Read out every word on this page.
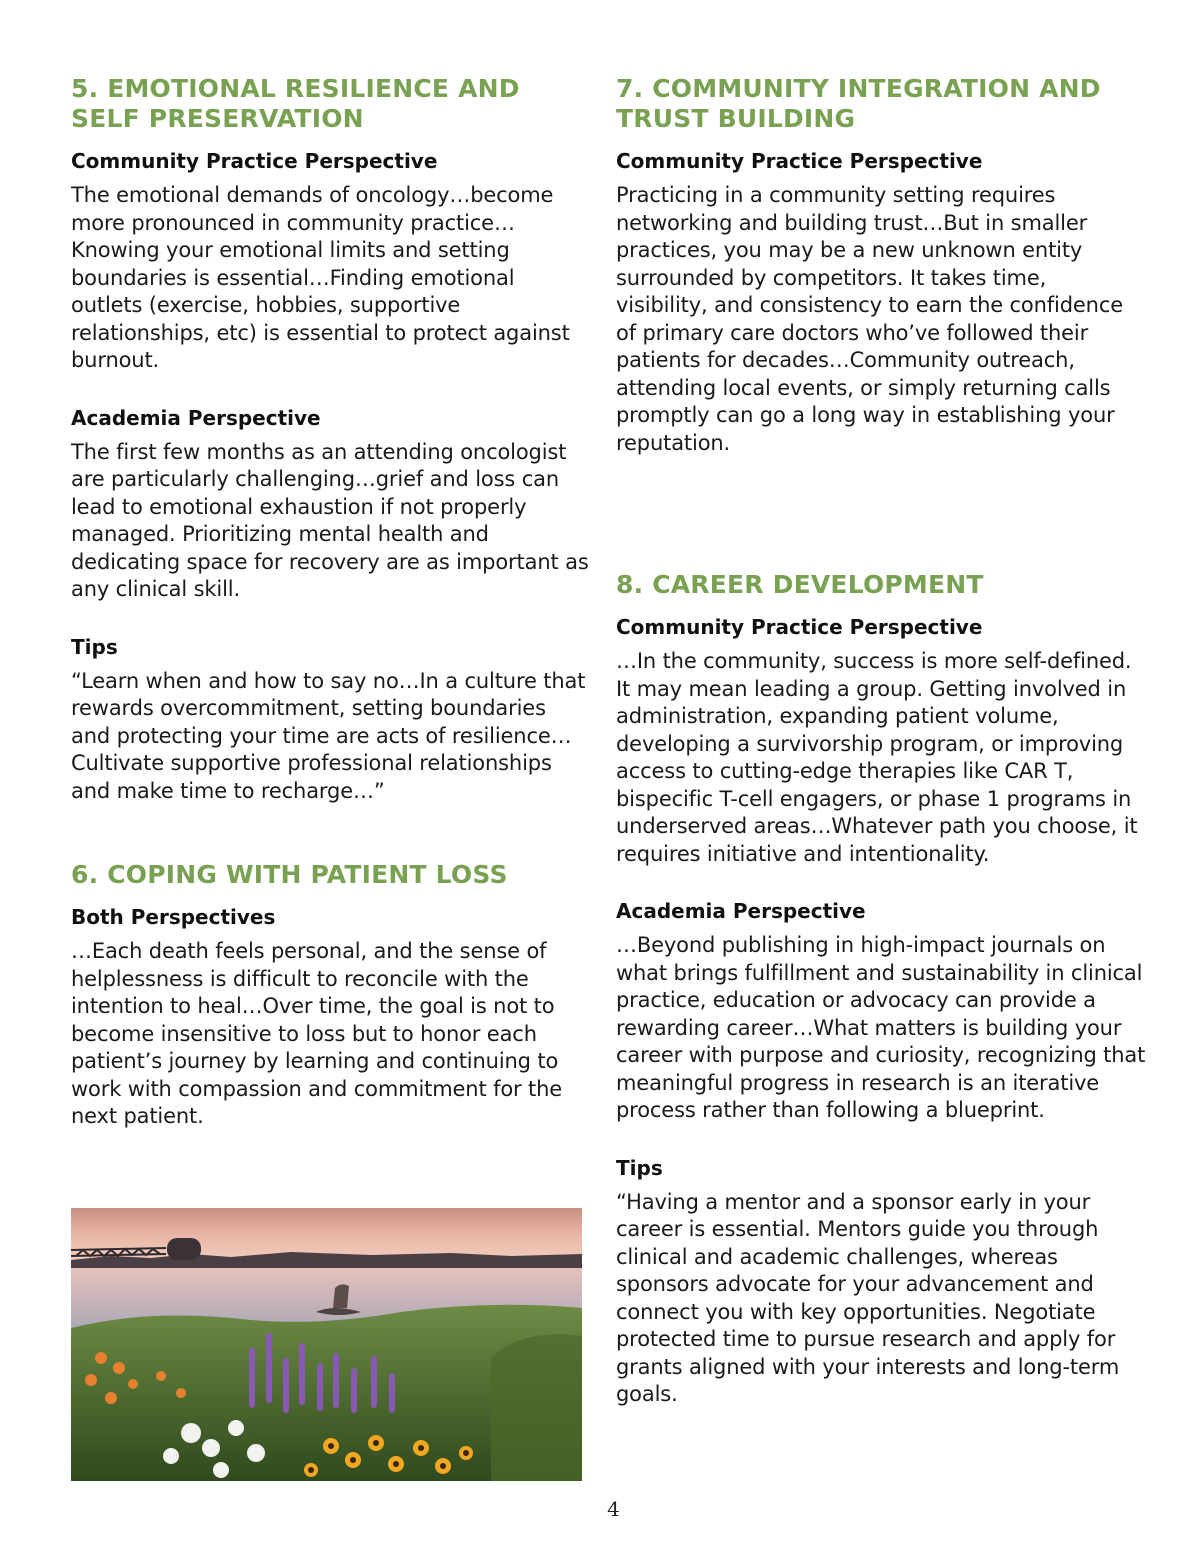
5. EMOTIONAL RESILIENCE AND SELF PRESERVATION
Community Practice Perspective

The emotional demands of oncology…become more pronounced in community practice…Knowing your emotional limits and setting boundaries is essential…Finding emotional outlets (exercise, hobbies, supportive relationships, etc) is essential to protect against burnout.

Academia Perspective

The first few months as an attending oncologist are particularly challenging…grief and loss can lead to emotional exhaustion if not properly managed. Prioritizing mental health and dedicating space for recovery are as important as any clinical skill.

Tips

“Learn when and how to say no…In a culture that rewards overcommitment, setting boundaries and protecting your time are acts of resilience…Cultivate supportive professional relationships and make time to recharge…”

6. COPING WITH PATIENT LOSS
Both Perspectives

…Each death feels personal, and the sense of helplessness is difficult to reconcile with the intention to heal…Over time, the goal is not to become insensitive to loss but to honor each patient’s journey by learning and continuing to work with compassion and commitment for the next patient.

7. COMMUNITY INTEGRATION AND TRUST BUILDING
Community Practice Perspective

Practicing in a community setting requires networking and building trust…But in smaller practices, you may be a new unknown entity surrounded by competitors. It takes time, visibility, and consistency to earn the confidence of primary care doctors who’ve followed their patients for decades…Community outreach, attending local events, or simply returning calls promptly can go a long way in establishing your reputation.

8. CAREER DEVELOPMENT
Community Practice Perspective

…In the community, success is more self-defined. It may mean leading a group. Getting involved in administration, expanding patient volume, developing a survivorship program, or improving access to cutting-edge therapies like CAR T, bispecific T-cell engagers, or phase 1 programs in underserved areas…Whatever path you choose, it requires initiative and intentionality.

Academia Perspective

…Beyond publishing in high-impact journals on what brings fulfillment and sustainability in clinical practice, education or advocacy can provide a rewarding career…What matters is building your career with purpose and curiosity, recognizing that meaningful progress in research is an iterative process rather than following a blueprint.

Tips

“Having a mentor and a sponsor early in your career is essential. Mentors guide you through clinical and academic challenges, whereas sponsors advocate for your advancement and connect you with key opportunities. Negotiate protected time to pursue research and apply for grants aligned with your interests and long-term goals.

4
